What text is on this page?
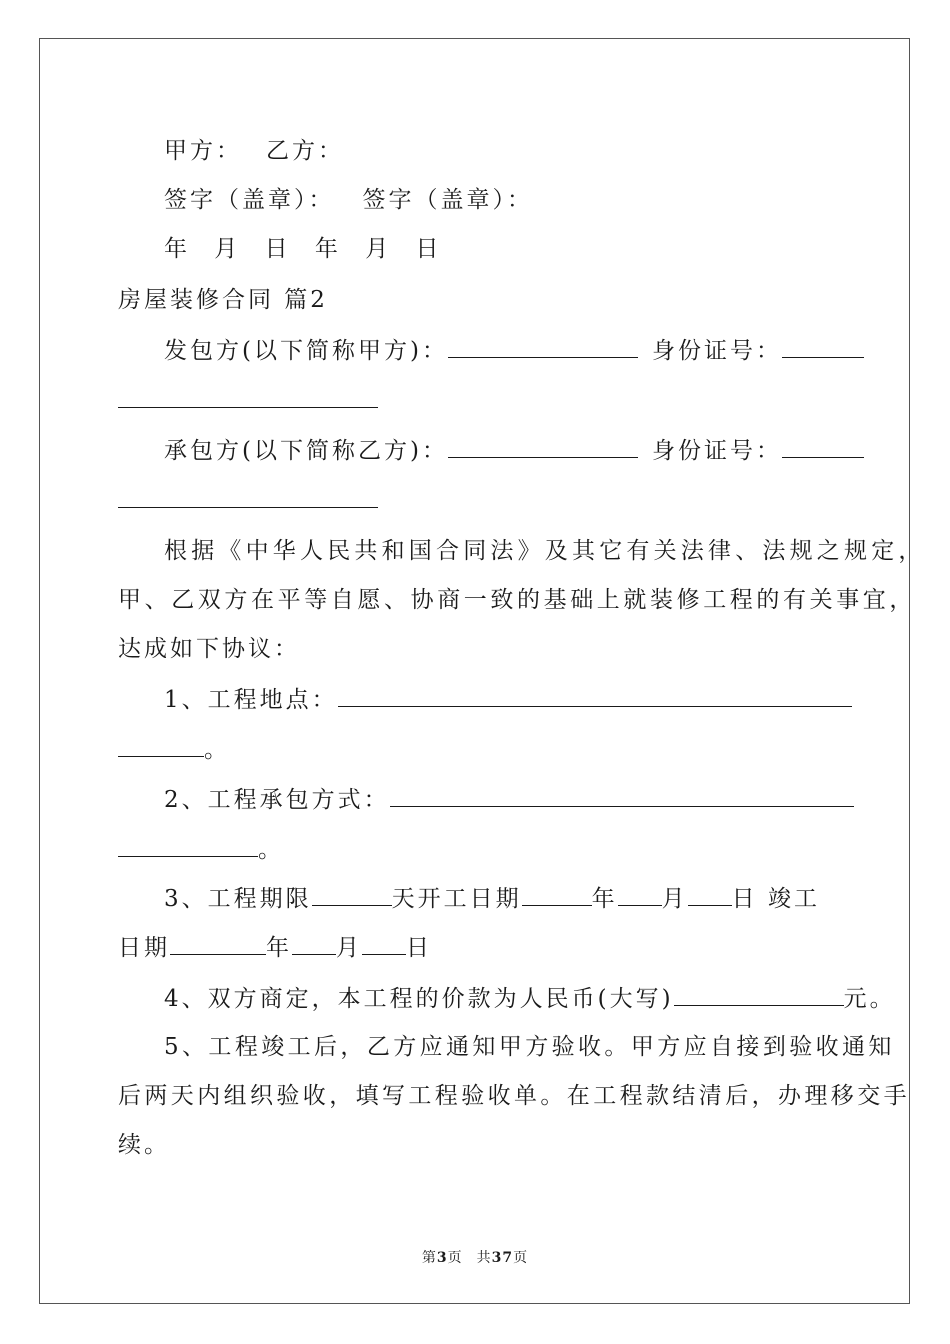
甲方： 乙方：
签字（盖章）： 签字（盖章）：
年 月 日 年 月 日
房屋装修合同 篇2
发包方(以下简称甲方)：	身份证号：
承包方(以下简称乙方)：	身份证号：
根据《中华人民共和国合同法》及其它有关法律、法规之规定，
甲、乙双方在平等自愿、协商一致的基础上就装修工程的有关事宜，
达成如下协议：
1、工程地点：
。
2、工程承包方式：
。
3、工程期限	天开工日期	年 月 日 竣工
日期	年 月 日
4、双方商定，本工程的价款为人民币(大写)	元。
5、工程竣工后，乙方应通知甲方验收。甲方应自接到验收通知
后两天内组织验收，填写工程验收单。在工程款结清后，办理移交手
续。
第3页 共37页
